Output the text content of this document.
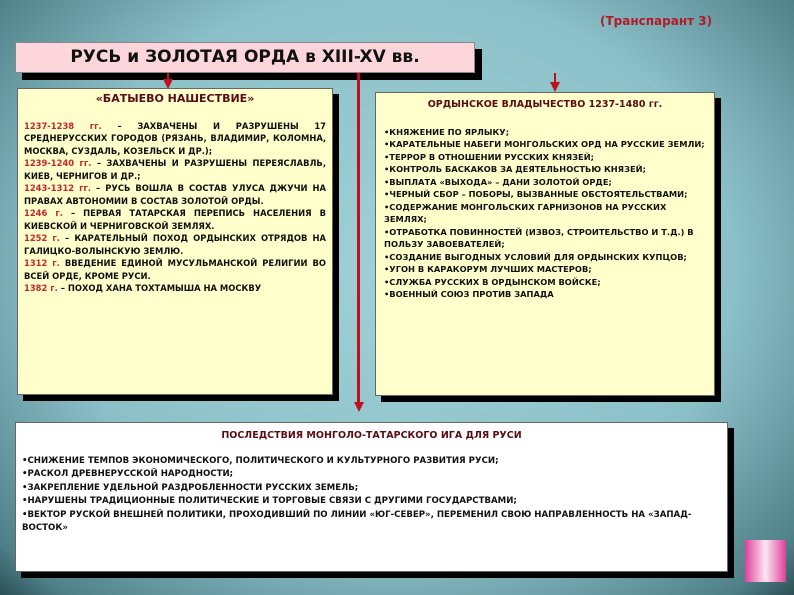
(Транспарант 3)
РУСЬ и ЗОЛОТАЯ ОРДА в XIII-XV вв.
«БАТЫЕВО НАШЕСТВИЕ»
1237-1238 гг. – ЗАХВАЧЕНЫ И РАЗРУШЕНЫ 17 СРЕДНЕРУССКИХ ГОРОДОВ (РЯЗАНЬ, ВЛАДИМИР, КОЛОМНА, МОСКВА, СУЗДАЛЬ, КОЗЕЛЬСК И ДР.);
1239-1240 гг. – ЗАХВАЧЕНЫ И РАЗРУШЕНЫ ПЕРЕЯСЛАВЛЬ, КИЕВ, ЧЕРНИГОВ И ДР.;
1243-1312 гг. – РУСЬ ВОШЛА В СОСТАВ УЛУСА ДЖУЧИ НА ПРАВАХ АВТОНОМИИ В СОСТАВ ЗОЛОТОЙ ОРДЫ.
1246 г. – ПЕРВАЯ ТАТАРСКАЯ ПЕРЕПИСЬ НАСЕЛЕНИЯ В КИЕВСКОЙ И ЧЕРНИГОВСКОЙ ЗЕМЛЯХ.
1252 г. – КАРАТЕЛЬНЫЙ ПОХОД ОРДЫНСКИХ ОТРЯДОВ НА ГАЛИЦКО-ВОЛЫНСКУЮ ЗЕМЛЮ.
1312 г. ВВЕДЕНИЕ ЕДИНОЙ МУСУЛЬМАНСКОЙ РЕЛИГИИ ВО ВСЕЙ ОРДЕ, КРОМЕ РУСИ.
1382 г. – ПОХОД ХАНА ТОХТАМЫША НА МОСКВУ
ОРДЫНСКОЕ ВЛАДЫЧЕСТВО 1237-1480 гг.
•КНЯЖЕНИЕ ПО ЯРЛЫКУ;
•КАРАТЕЛЬНЫЕ НАБЕГИ МОНГОЛЬСКИХ ОРД НА РУССКИЕ ЗЕМЛИ;
•ТЕРРОР В ОТНОШЕНИИ РУССКИХ КНЯЗЕЙ;
•КОНТРОЛЬ БАСКАКОВ ЗА ДЕЯТЕЛЬНОСТЬЮ КНЯЗЕЙ;
•ВЫПЛАТА «ВЫХОДА» – ДАНИ ЗОЛОТОЙ ОРДЕ;
•ЧЕРНЫЙ СБОР – ПОБОРЫ, ВЫЗВАННЫЕ ОБСТОЯТЕЛЬСТВАМИ;
•СОДЕРЖАНИЕ МОНГОЛЬСКИХ ГАРНИЗОНОВ НА РУССКИХ ЗЕМЛЯХ;
•ОТРАБОТКА ПОВИННОСТЕЙ (ИЗВОЗ, СТРОИТЕЛЬСТВО И Т.Д.) В ПОЛЬЗУ ЗАВОЕВАТЕЛЕЙ;
•СОЗДАНИЕ ВЫГОДНЫХ УСЛОВИЙ ДЛЯ ОРДЫНСКИХ КУПЦОВ;
•УГОН В КАРАКОРУМ ЛУЧШИХ МАСТЕРОВ;
•СЛУЖБА РУССКИХ В ОРДЫНСКОМ ВОЙСКЕ;
•ВОЕННЫЙ СОЮЗ ПРОТИВ ЗАПАДА
ПОСЛЕДСТВИЯ МОНГОЛО-ТАТАРСКОГО ИГА ДЛЯ РУСИ
•СНИЖЕНИЕ ТЕМПОВ ЭКОНОМИЧЕСКОГО, ПОЛИТИЧЕСКОГО И КУЛЬТУРНОГО РАЗВИТИЯ РУСИ;
•РАСКОЛ ДРЕВНЕРУССКОЙ НАРОДНОСТИ;
•ЗАКРЕПЛЕНИЕ УДЕЛЬНОЙ РАЗДРОБЛЕННОСТИ РУССКИХ ЗЕМЕЛЬ;
•НАРУШЕНЫ ТРАДИЦИОННЫЕ ПОЛИТИЧЕСКИЕ И ТОРГОВЫЕ СВЯЗИ С ДРУГИМИ ГОСУДАРСТВАМИ;
•ВЕКТОР РУСКОЙ ВНЕШНЕЙ ПОЛИТИКИ, ПРОХОДИВШИЙ ПО ЛИНИИ «ЮГ-СЕВЕР», ПЕРЕМЕНИЛ СВОЮ НАПРАВЛЕННОСТЬ НА «ЗАПАД-ВОСТОК»
